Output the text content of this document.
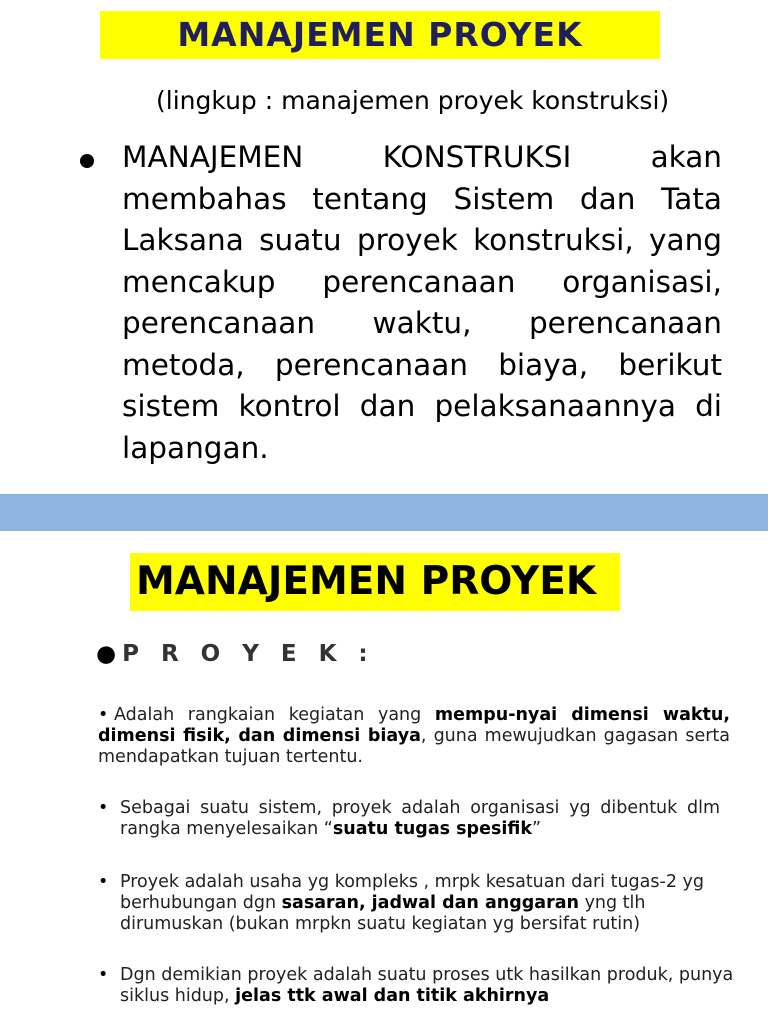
MANAJEMEN PROYEK
(lingkup : manajemen proyek konstruksi)

MANAJEMEN KONSTRUKSI akan membahas tentang Sistem dan Tata Laksana suatu proyek konstruksi, yang mencakup perencanaan organisasi, perencanaan waktu, perencanaan metoda, perencanaan biaya, berikut sistem kontrol dan pelaksanaannya di lapangan.

MANAJEMEN PROYEK
● P R O Y E K :
• Adalah rangkaian kegiatan yang mempu-nyai dimensi waktu, dimensi fisik, dan dimensi biaya, guna mewujudkan gagasan serta mendapatkan tujuan tertentu.

• Sebagai suatu sistem, proyek adalah organisasi yg dibentuk dlm rangka menyelesaikan “suatu tugas spesifik”

• Proyek adalah usaha yg kompleks , mrpk kesatuan dari tugas-2 yg berhubungan dgn sasaran, jadwal dan anggaran yng tlh dirumuskan (bukan mrpkn suatu kegiatan yg bersifat rutin)

• Dgn demikian proyek adalah suatu proses utk hasilkan produk, punya siklus hidup, jelas ttk awal dan titik akhirnya
